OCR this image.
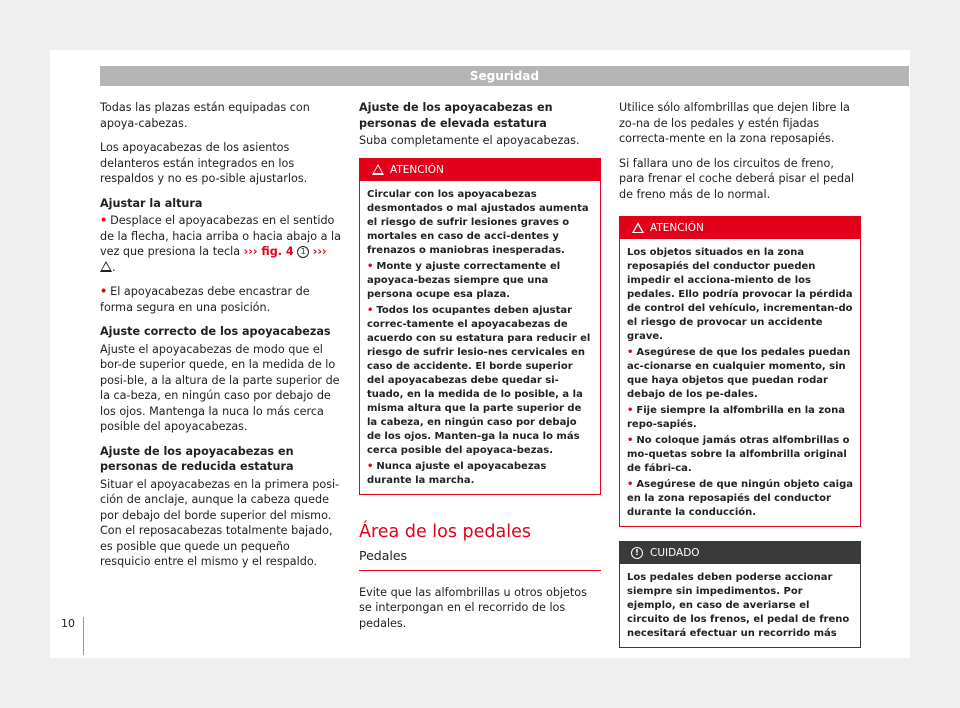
Seguridad

Todas las plazas están equipadas con apoya-cabezas.

Los apoyacabezas de los asientos delanteros están integrados en los respaldos y no es po-sible ajustarlos.

Ajustar la altura

• Desplace el apoyacabezas en el sentido de la flecha, hacia arriba o hacia abajo a la vez que presiona la tecla ››› fig. 4 1 ››› .

• El apoyacabezas debe encastrar de forma segura en una posición.

Ajuste correcto de los apoyacabezas

Ajuste el apoyacabezas de modo que el bor-de superior quede, en la medida de lo posi-ble, a la altura de la parte superior de la ca-beza, en ningún caso por debajo de los ojos. Mantenga la nuca lo más cerca posible del apoyacabezas.

Ajuste de los apoyacabezas en personas de reducida estatura

Situar el apoyacabezas en la primera posi-ción de anclaje, aunque la cabeza quede por debajo del borde superior del mismo. Con el reposacabezas totalmente bajado, es posible que quede un pequeño resquicio entre el mismo y el respaldo.

Ajuste de los apoyacabezas en personas de elevada estatura

Suba completamente el apoyacabezas.

ATENCIÓN
Circular con los apoyacabezas desmontados o mal ajustados aumenta el riesgo de sufrir lesiones graves o mortales en caso de acci-dentes y frenazos o maniobras inesperadas.
• Monte y ajuste correctamente el apoyaca-bezas siempre que una persona ocupe esa plaza.
• Todos los ocupantes deben ajustar correc-tamente el apoyacabezas de acuerdo con su estatura para reducir el riesgo de sufrir lesio-nes cervicales en caso de accidente. El borde superior del apoyacabezas debe quedar si-tuado, en la medida de lo posible, a la misma altura que la parte superior de la cabeza, en ningún caso por debajo de los ojos. Manten-ga la nuca lo más cerca posible del apoyaca-bezas.
• Nunca ajuste el apoyacabezas durante la marcha.
Área de los pedales
Pedales

Evite que las alfombrillas u otros objetos se interpongan en el recorrido de los pedales.

Utilice sólo alfombrillas que dejen libre la zo-na de los pedales y estén fijadas correcta-mente en la zona reposapiés.

Si fallara uno de los circuitos de freno, para frenar el coche deberá pisar el pedal de freno más de lo normal.

ATENCIÓN
Los objetos situados en la zona reposapiés del conductor pueden impedir el acciona-miento de los pedales. Ello podría provocar la pérdida de control del vehículo, incrementan-do el riesgo de provocar un accidente grave.
• Asegúrese de que los pedales puedan ac-cionarse en cualquier momento, sin que haya objetos que puedan rodar debajo de los pe-dales.
• Fije siempre la alfombrilla en la zona repo-sapiés.
• No coloque jamás otras alfombrillas o mo-quetas sobre la alfombrilla original de fábri-ca.
• Asegúrese de que ningún objeto caiga en la zona reposapiés del conductor durante la conducción.
!	CUIDADO
Los pedales deben poderse accionar siempre sin impedimentos. Por ejemplo, en caso de averiarse el circuito de los frenos, el pedal de freno necesitará efectuar un recorrido más
10
